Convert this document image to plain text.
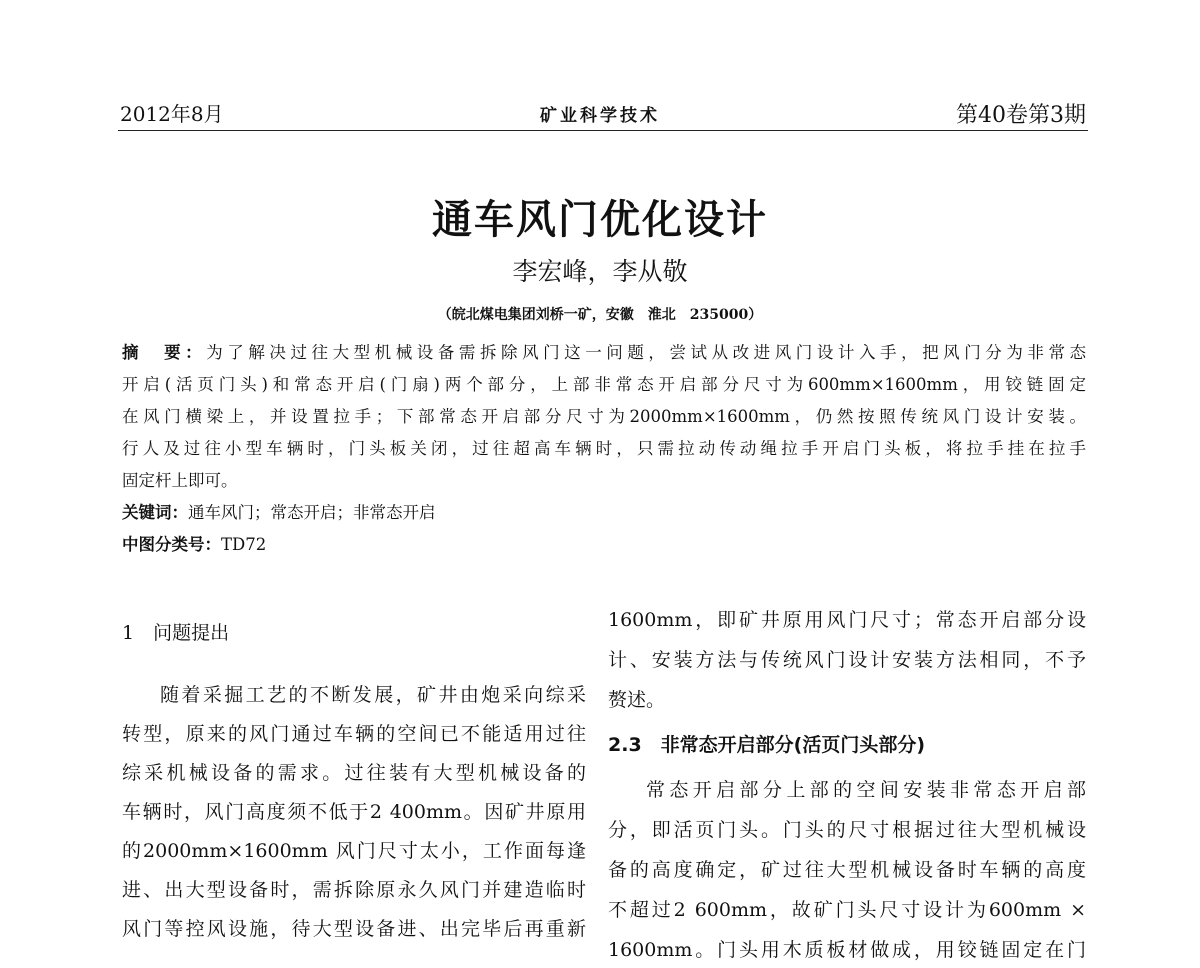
2012年8月	矿业科学技术	第40卷第3期
通车风门优化设计
李宏峰，李从敬
（皖北煤电集团刘桥一矿，安徽　淮北　235000）
摘　要：为了解决过往大型机械设备需拆除风门这一问题，尝试从改进风门设计入手，把风门分为非常态
开启(活页门头)和常态开启(门扇)两个部分，上部非常态开启部分尺寸为600mm×1600mm，用铰链固定
在风门横梁上，并设置拉手；下部常态开启部分尺寸为2000mm×1600mm，仍然按照传统风门设计安装。
行人及过往小型车辆时，门头板关闭，过往超高车辆时，只需拉动传动绳拉手开启门头板，将拉手挂在拉手
固定杆上即可。
关键词：通车风门；常态开启；非常态开启
中图分类号：TD72
1　问题提出
随着采掘工艺的不断发展，矿井由炮采向综采
转型，原来的风门通过车辆的空间已不能适用过往
综采机械设备的需求。过往装有大型机械设备的
车辆时，风门高度须不低于2 400mm。因矿井原用
的2000mm×1600mm 风门尺寸太小，工作面每逢
进、出大型设备时，需拆除原永久风门并建造临时
风门等控风设施，待大型设备进、出完毕后再重新
1600mm，即矿井原用风门尺寸；常态开启部分设
计、安装方法与传统风门设计安装方法相同，不予
赘述。
2.3　非常态开启部分(活页门头部分)
常态开启部分上部的空间安装非常态开启部
分，即活页门头。门头的尺寸根据过往大型机械设
备的高度确定，矿过往大型机械设备时车辆的高度
不超过2 600mm，故矿门头尺寸设计为600mm ×
1600mm。门头用木质板材做成，用铰链固定在门
